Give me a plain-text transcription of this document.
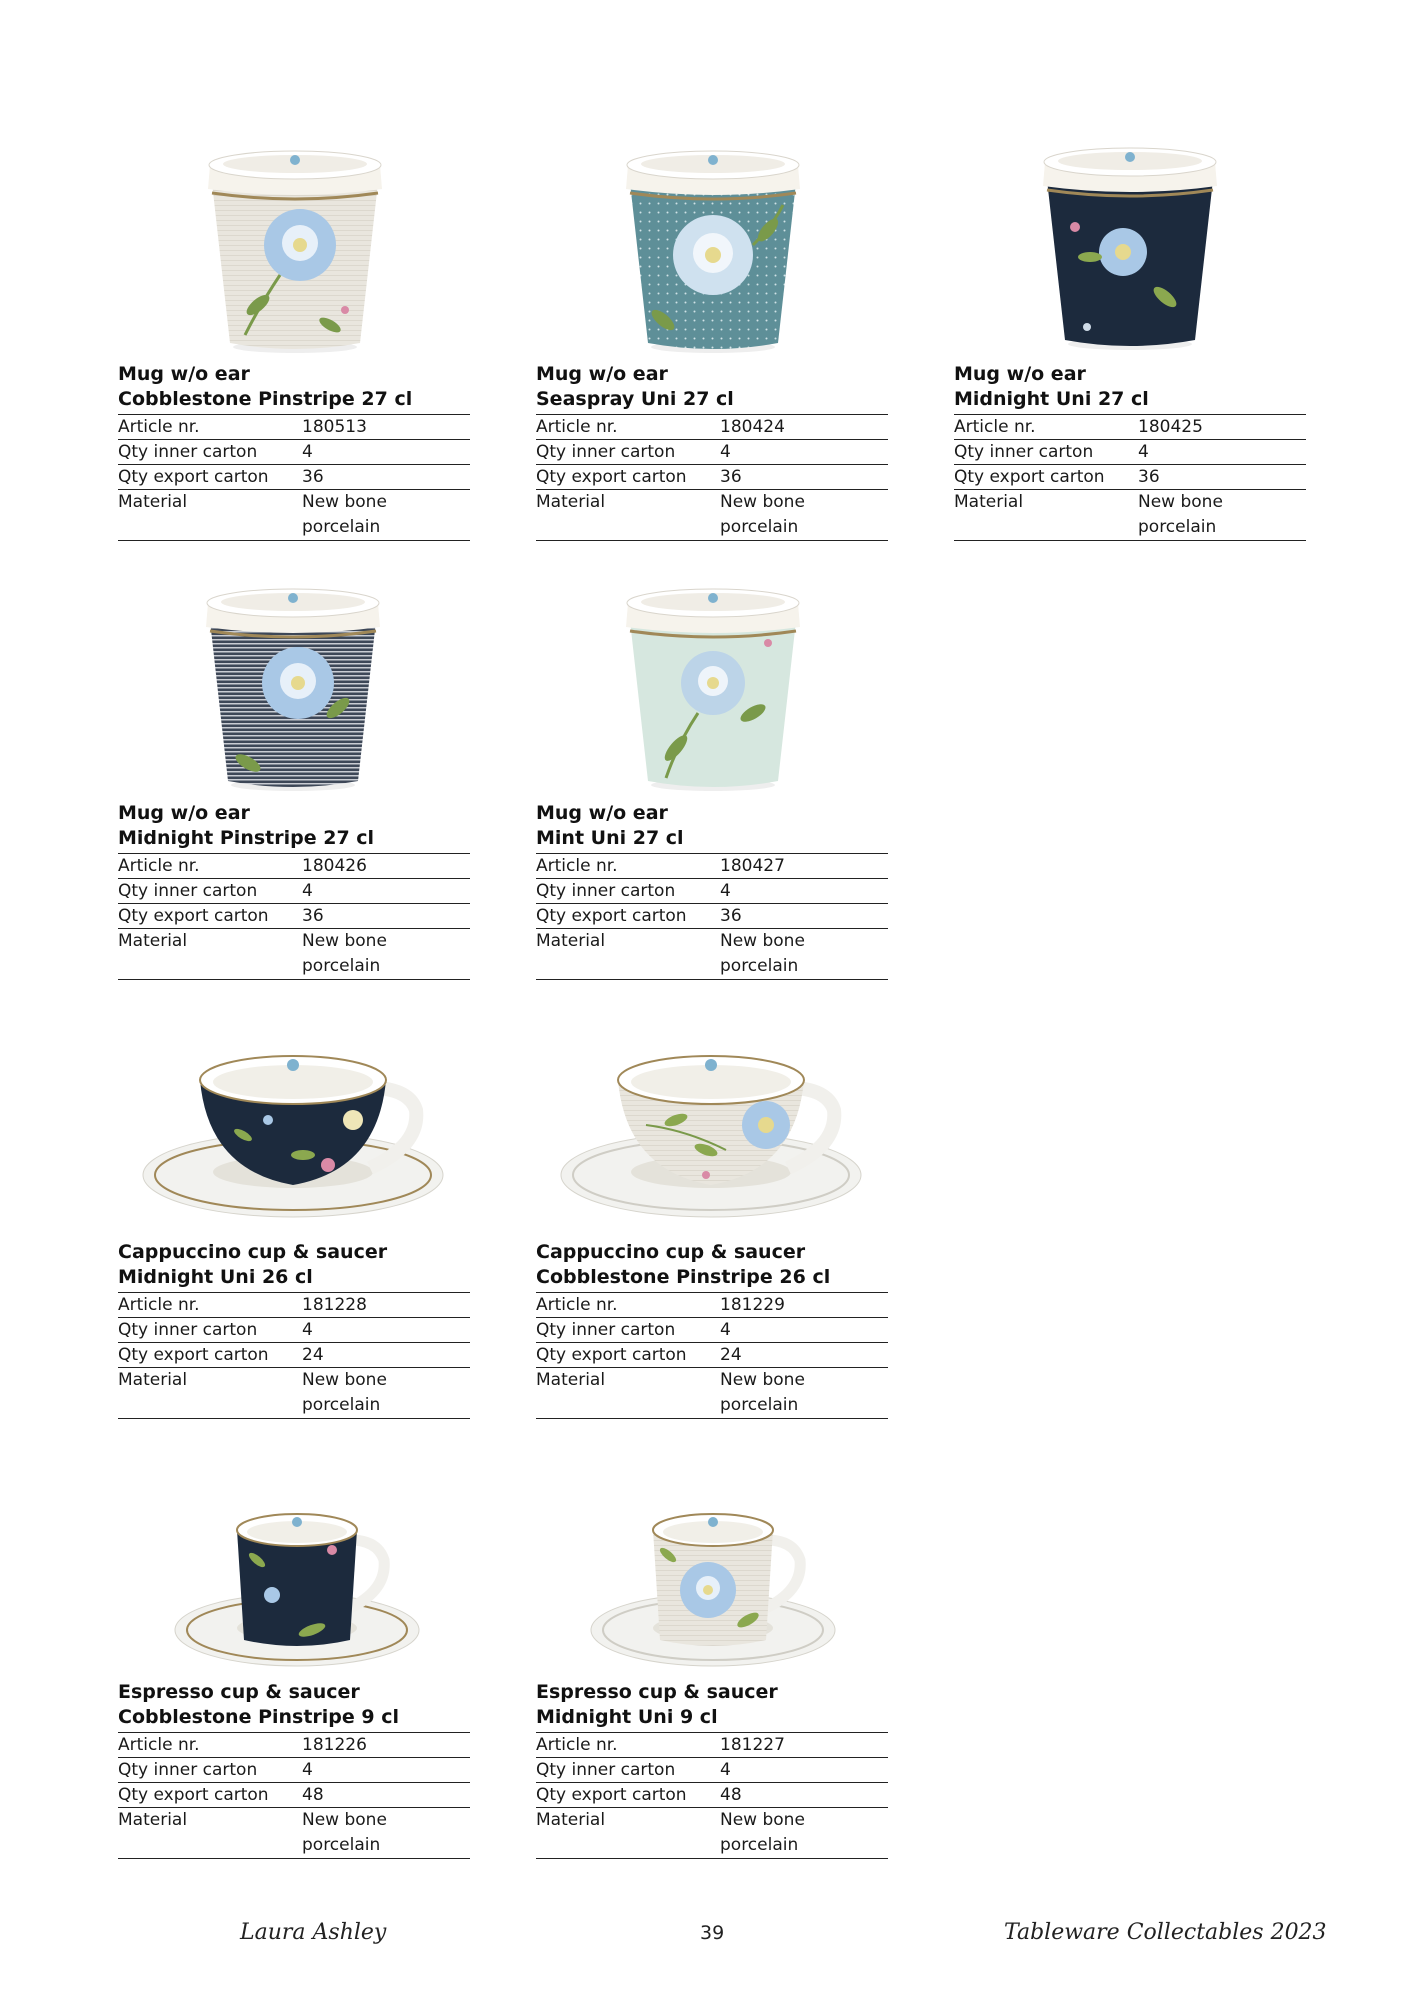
Mug w/o ear
Cobblestone Pinstripe 27 cl
Article nr.	180513
Qty inner carton	4
Qty export carton	36
Material	New bone
porcelain
Mug w/o ear
Seaspray Uni 27 cl
Article nr.	180424
Qty inner carton	4
Qty export carton	36
Material	New bone
porcelain
Mug w/o ear
Midnight Uni 27 cl
Article nr.	180425
Qty inner carton	4
Qty export carton	36
Material	New bone
porcelain
Mug w/o ear
Midnight Pinstripe 27 cl
Article nr.	180426
Qty inner carton	4
Qty export carton	36
Material	New bone
porcelain
Mug w/o ear
Mint Uni 27 cl
Article nr.	180427
Qty inner carton	4
Qty export carton	36
Material	New bone
porcelain
Cappuccino cup & saucer
Midnight Uni 26 cl
Article nr.	181228
Qty inner carton	4
Qty export carton	24
Material	New bone
porcelain
Cappuccino cup & saucer
Cobblestone Pinstripe 26 cl
Article nr.	181229
Qty inner carton	4
Qty export carton	24
Material	New bone
porcelain
Espresso cup & saucer
Cobblestone Pinstripe 9 cl
Article nr.	181226
Qty inner carton	4
Qty export carton	48
Material	New bone
porcelain
Espresso cup & saucer
Midnight Uni 9 cl
Article nr.	181227
Qty inner carton	4
Qty export carton	48
Material	New bone
porcelain
Laura Ashley	39	Tableware Collectables 2023
